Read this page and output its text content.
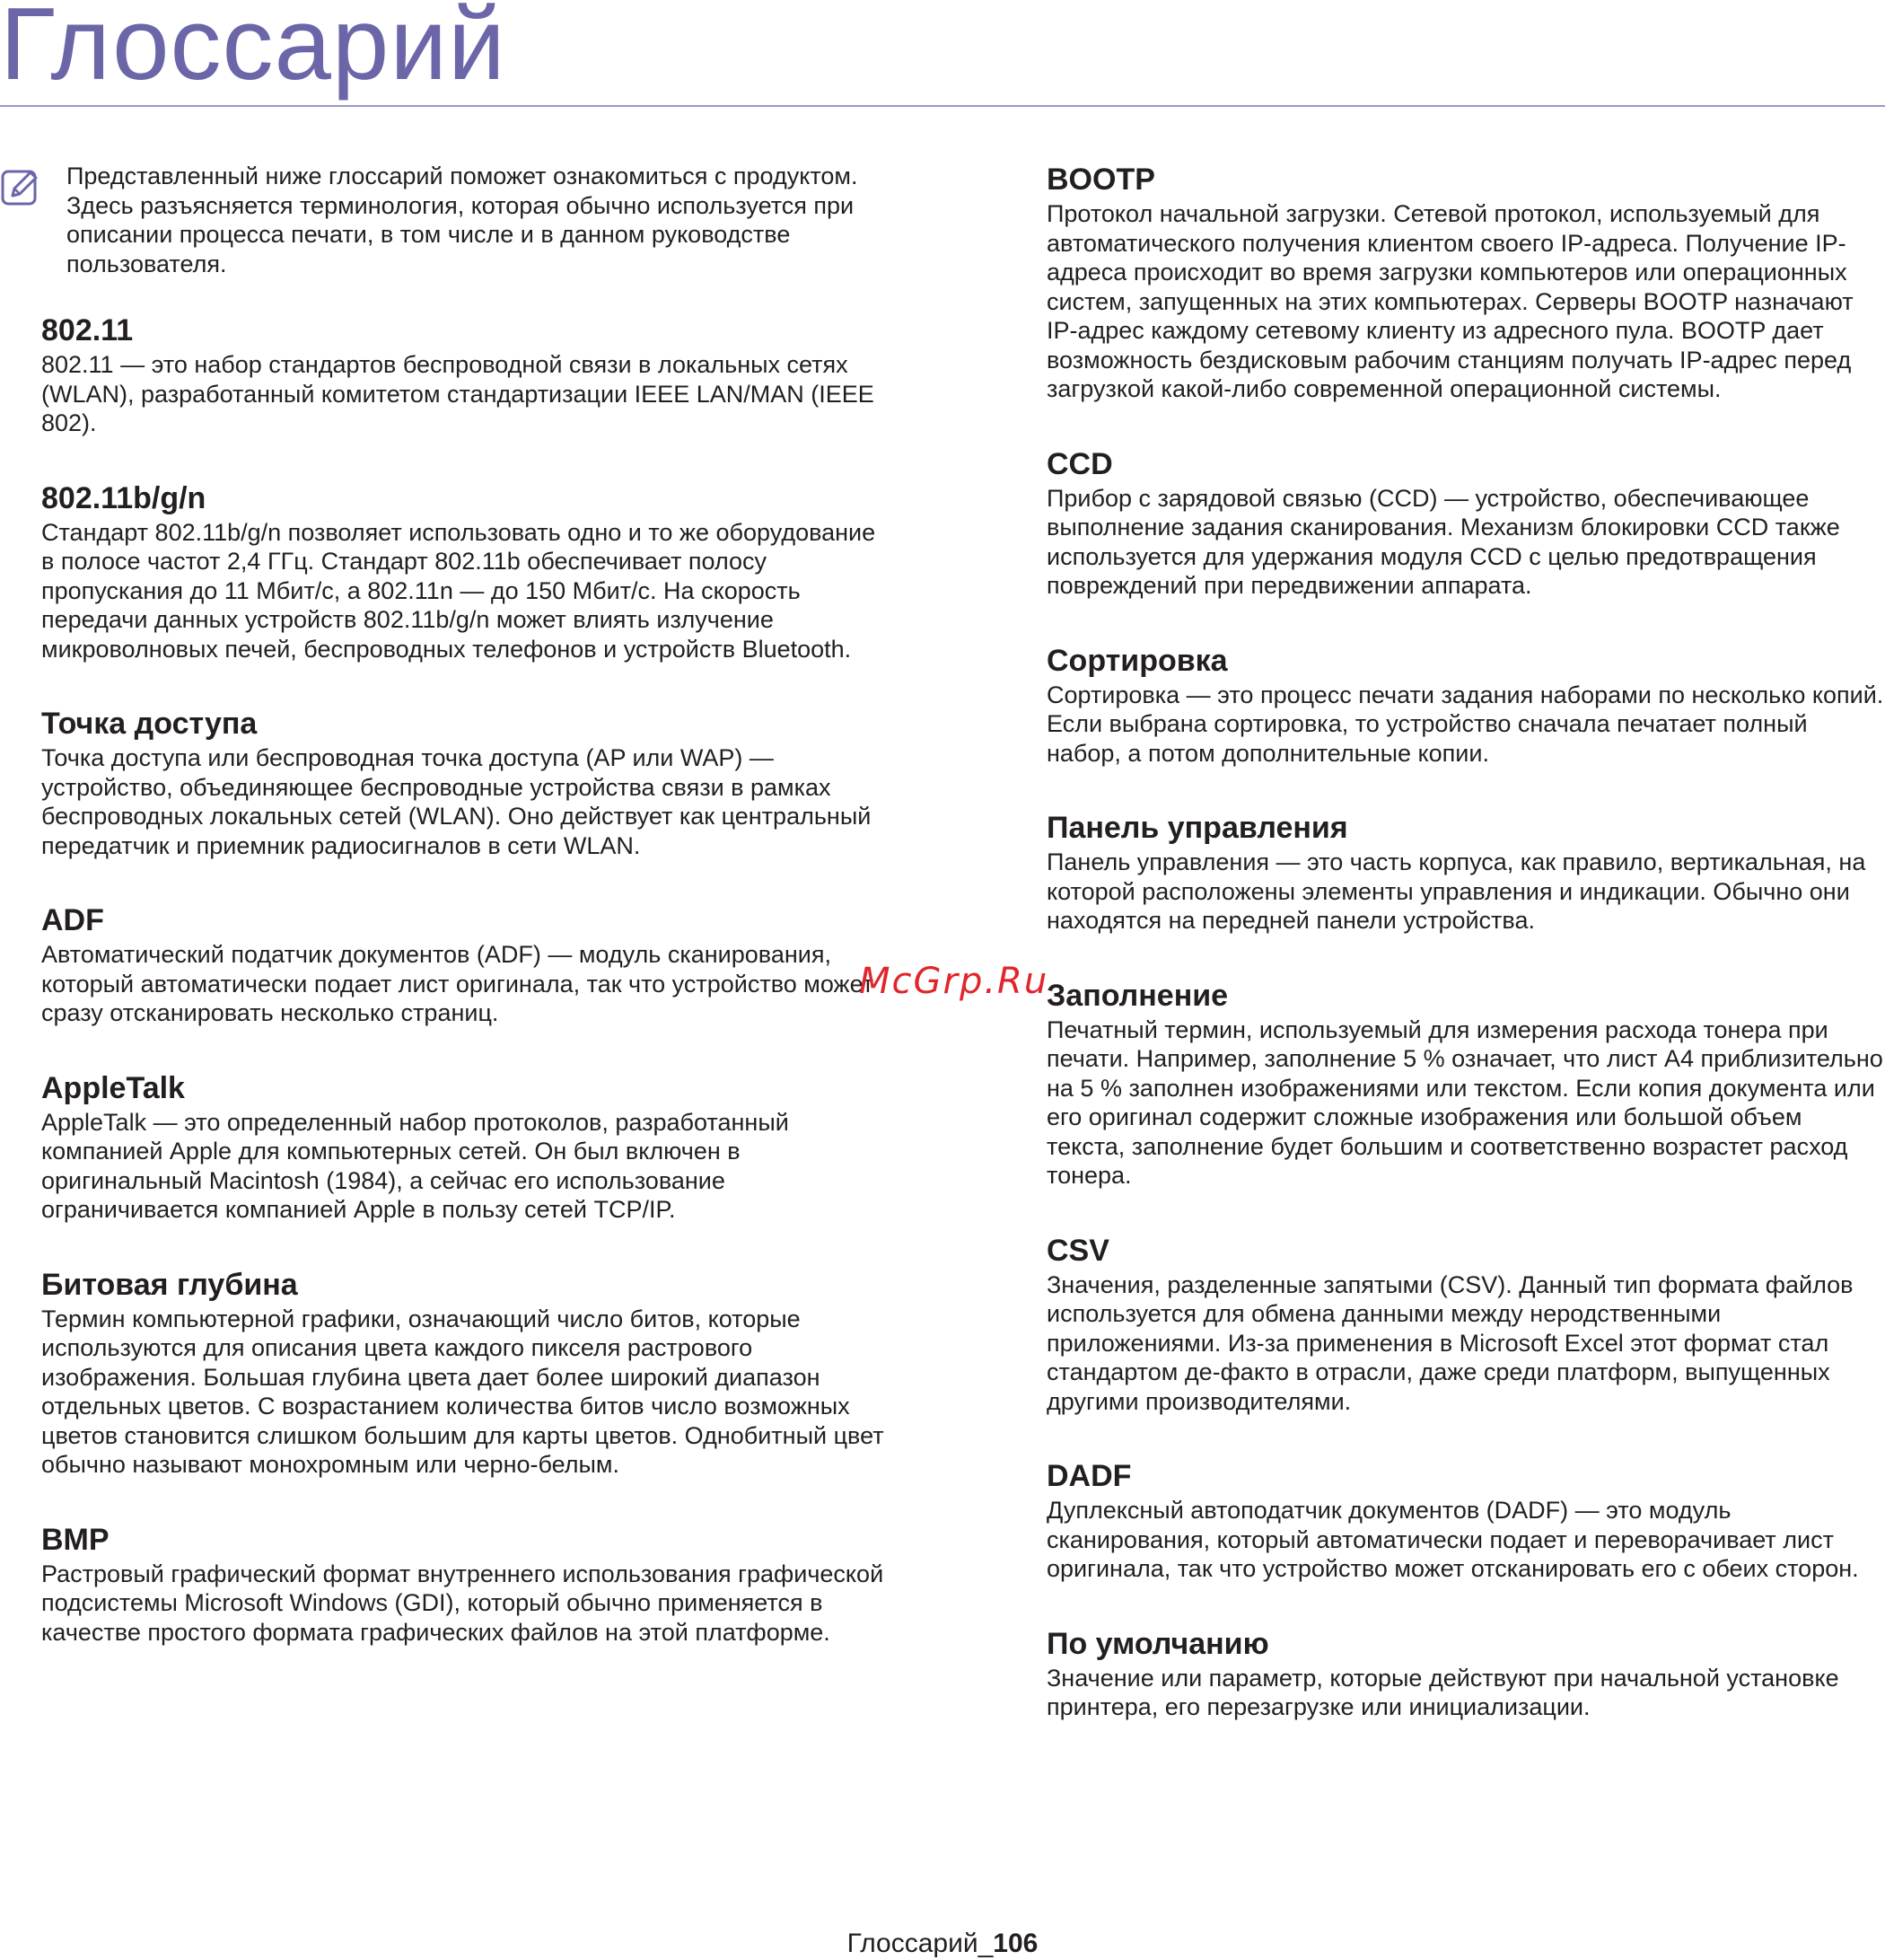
Глоссарий

Представленный ниже глоссарий поможет ознакомиться с продуктом. Здесь разъясняется терминология, которая обычно используется при описании процесса печати, в том числе и в данном руководстве пользователя.

802.11

802.11 — это набор стандартов беспроводной связи в локальных сетях (WLAN), разработанный комитетом стандартизации IEEE LAN/MAN (IEEE 802).

802.11b/g/n

Стандарт 802.11b/g/n позволяет использовать одно и то же оборудование в полосе частот 2,4 ГГц. Стандарт 802.11b обеспечивает полосу пропускания до 11 Мбит/с, а 802.11n — до 150 Мбит/с. На скорость передачи данных устройств 802.11b/g/n может влиять излучение микроволновых печей, беспроводных телефонов и устройств Bluetooth.

Точка доступа

Точка доступа или беспроводная точка доступа (AP или WAP) — устройство, объединяющее беспроводные устройства связи в рамках беспроводных локальных сетей (WLAN). Оно действует как центральный передатчик и приемник радиосигналов в сети WLAN.

ADF

Автоматический податчик документов (ADF) — модуль сканирования, который автоматически подает лист оригинала, так что устройство может сразу отсканировать несколько страниц.

AppleTalk

AppleTalk — это определенный набор протоколов, разработанный компанией Apple для компьютерных сетей. Он был включен в оригинальный Macintosh (1984), а сейчас его использование ограничивается компанией Apple в пользу сетей TCP/IP.

Битовая глубина

Термин компьютерной графики, означающий число битов, которые используются для описания цвета каждого пикселя растрового изображения. Большая глубина цвета дает более широкий диапазон отдельных цветов. С возрастанием количества битов число возможных цветов становится слишком большим для карты цветов. Однобитный цвет обычно называют монохромным или черно-белым.

BMP

Растровый графический формат внутреннего использования графической подсистемы Microsoft Windows (GDI), который обычно применяется в качестве простого формата графических файлов на этой платформе.

BOOTP

Протокол начальной загрузки. Сетевой протокол, используемый для автоматического получения клиентом своего IP-адреса. Получение IP-адреса происходит во время загрузки компьютеров или операционных систем, запущенных на этих компьютерах. Серверы BOOTP назначают IP-адрес каждому сетевому клиенту из адресного пула. BOOTP дает возможность бездисковым рабочим станциям получать IP-адрес перед загрузкой какой-либо современной операционной системы.

CCD

Прибор с зарядовой связью (CCD) — устройство, обеспечивающее выполнение задания сканирования. Механизм блокировки CCD также используется для удержания модуля CCD с целью предотвращения повреждений при передвижении аппарата.

Сортировка

Сортировка — это процесс печати задания наборами по несколько копий. Если выбрана сортировка, то устройство сначала печатает полный набор, а потом дополнительные копии.

Панель управления

Панель управления — это часть корпуса, как правило, вертикальная, на которой расположены элементы управления и индикации. Обычно они находятся на передней панели устройства.

Заполнение

Печатный термин, используемый для измерения расхода тонера при печати. Например, заполнение 5 % означает, что лист A4 приблизительно на 5 % заполнен изображениями или текстом. Если копия документа или его оригинал содержит сложные изображения или большой объем текста, заполнение будет большим и соответственно возрастет расход тонера.

CSV

Значения, разделенные запятыми (CSV). Данный тип формата файлов используется для обмена данными между неродственными приложениями. Из-за применения в Microsoft Excel этот формат стал стандартом де-факто в отрасли, даже среди платформ, выпущенных другими производителями.

DADF

Дуплексный автоподатчик документов (DADF) — это модуль сканирования, который автоматически подает и переворачивает лист оригинала, так что устройство может отсканировать его с обеих сторон.

По умолчанию

Значение или параметр, которые действуют при начальной установке принтера, его перезагрузке или инициализации.

McGrp.Ru
Глоссарий_106
